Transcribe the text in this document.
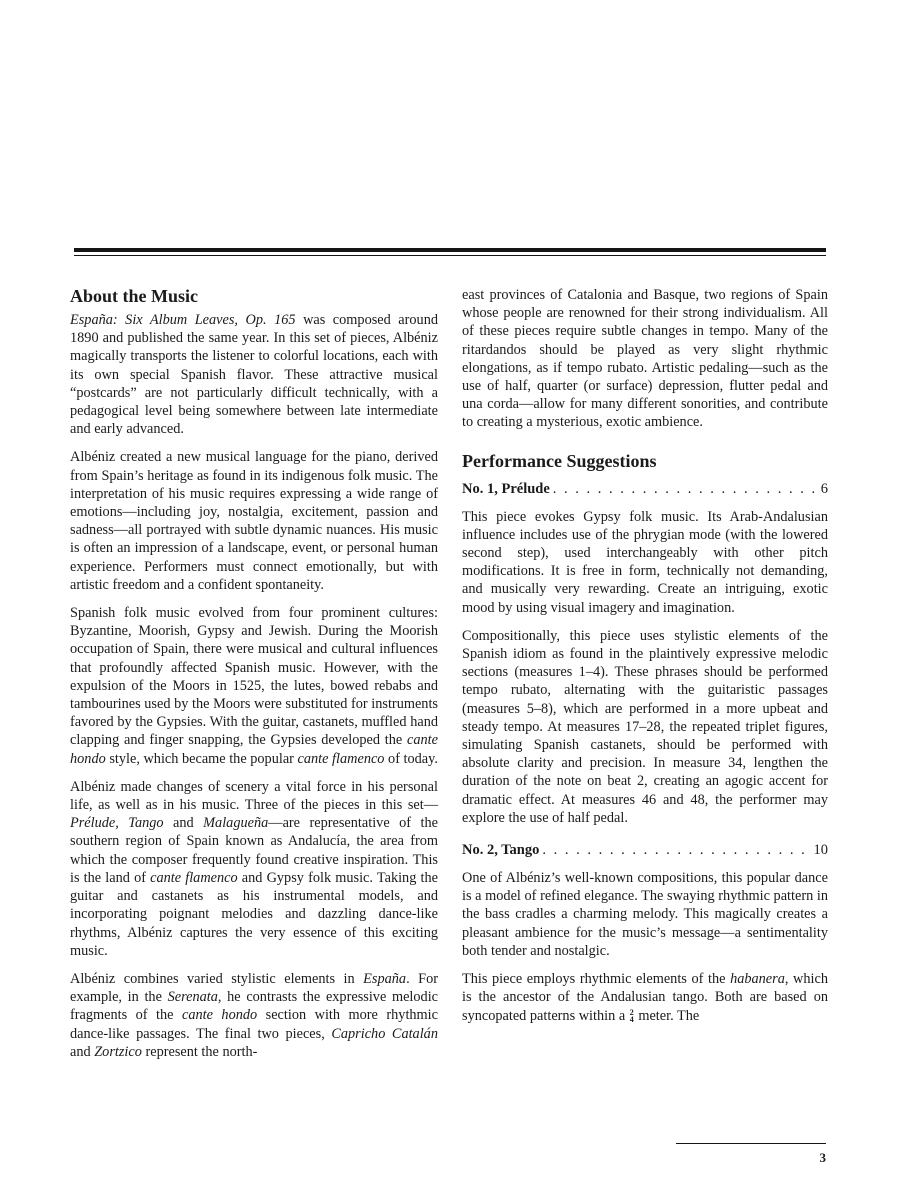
About the Music

España: Six Album Leaves, Op. 165 was composed around 1890 and published the same year. In this set of pieces, Albéniz magically transports the listener to colorful locations, each with its own special Spanish flavor. These attractive musical “postcards” are not particularly difficult technically, with a pedagogical level being somewhere between late intermediate and early advanced.

Albéniz created a new musical language for the piano, derived from Spain’s heritage as found in its indigenous folk music. The interpretation of his music requires expressing a wide range of emotions—including joy, nostalgia, excitement, passion and sadness—all portrayed with subtle dynamic nuances. His music is often an impression of a landscape, event, or personal human experience. Performers must connect emotionally, but with artistic freedom and a confident spontaneity.

Spanish folk music evolved from four prominent cultures: Byzantine, Moorish, Gypsy and Jewish. During the Moorish occupation of Spain, there were musical and cultural influences that profoundly affected Spanish music. However, with the expulsion of the Moors in 1525, the lutes, bowed rebabs and tambourines used by the Moors were substituted for instruments favored by the Gypsies. With the guitar, castanets, muffled hand clapping and finger snapping, the Gypsies developed the cante hondo style, which became the popular cante flamenco of today.

Albéniz made changes of scenery a vital force in his personal life, as well as in his music. Three of the pieces in this set—Prélude, Tango and Malagueña—are representative of the southern region of Spain known as Andalucía, the area from which the composer frequently found creative inspiration. This is the land of cante flamenco and Gypsy folk music. Taking the guitar and castanets as his instrumental models, and incorporating poignant melodies and dazzling dance-like rhythms, Albéniz captures the very essence of this exciting music.

Albéniz combines varied stylistic elements in España. For example, in the Serenata, he contrasts the expressive melodic fragments of the cante hondo section with more rhythmic dance-like passages. The final two pieces, Capricho Catalán and Zortzico represent the north-

east provinces of Catalonia and Basque, two regions of Spain whose people are renowned for their strong individualism. All of these pieces require subtle changes in tempo. Many of the ritardandos should be played as very slight rhythmic elongations, as if tempo rubato. Artistic pedaling—such as the use of half, quarter (or surface) depression, flutter pedal and una corda—allow for many different sonorities, and contribute to creating a mysterious, exotic ambience.

Performance Suggestions
No. 1, Prélude . . .	6

This piece evokes Gypsy folk music. Its Arab-Andalusian influence includes use of the phrygian mode (with the lowered second step), used interchangeably with other pitch modifications. It is free in form, technically not demanding, and musically very rewarding. Create an intriguing, exotic mood by using visual imagery and imagination.

Compositionally, this piece uses stylistic elements of the Spanish idiom as found in the plaintively expressive melodic sections (measures 1–4). These phrases should be performed tempo rubato, alternating with the guitaristic passages (measures 5–8), which are performed in a more upbeat and steady tempo. At measures 17–28, the repeated triplet figures, simulating Spanish castanets, should be performed with absolute clarity and precision. In measure 34, lengthen the duration of the note on beat 2, creating an agogic accent for dramatic effect. At measures 46 and 48, the performer may explore the use of half pedal.

No. 2, Tango . . .	10

One of Albéniz’s well-known compositions, this popular dance is a model of refined elegance. The swaying rhythmic pattern in the bass cradles a charming melody. This magically creates a pleasant ambience for the music’s message—a sentimentality both tender and nostalgic.

This piece employs rhythmic elements of the habanera, which is the ancestor of the Andalusian tango. Both are based on syncopated patterns within a 2
4 meter. The

3
